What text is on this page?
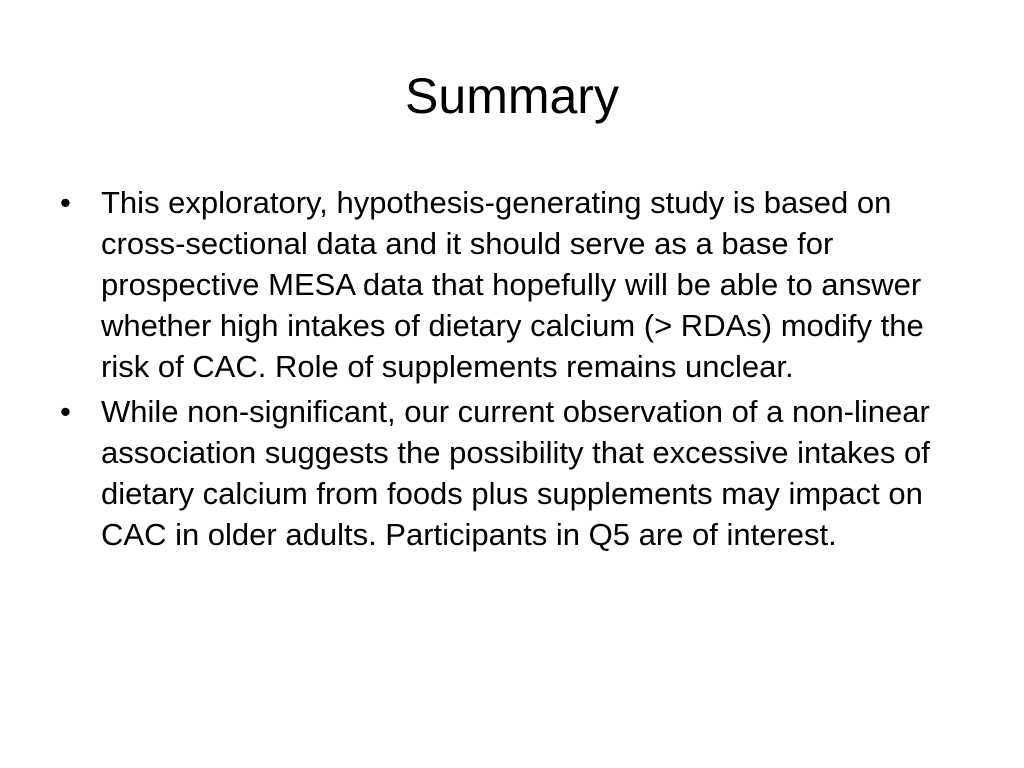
Summary
• This exploratory, hypothesis-generating study is based on cross-sectional data and it should serve as a base for prospective MESA data that hopefully will be able to answer whether high intakes of dietary calcium (> RDAs) modify the risk of CAC. Role of supplements remains unclear.
• While non-significant, our current observation of a non-linear association suggests the possibility that excessive intakes of dietary calcium from foods plus supplements may impact on CAC in older adults. Participants in Q5 are of interest.
